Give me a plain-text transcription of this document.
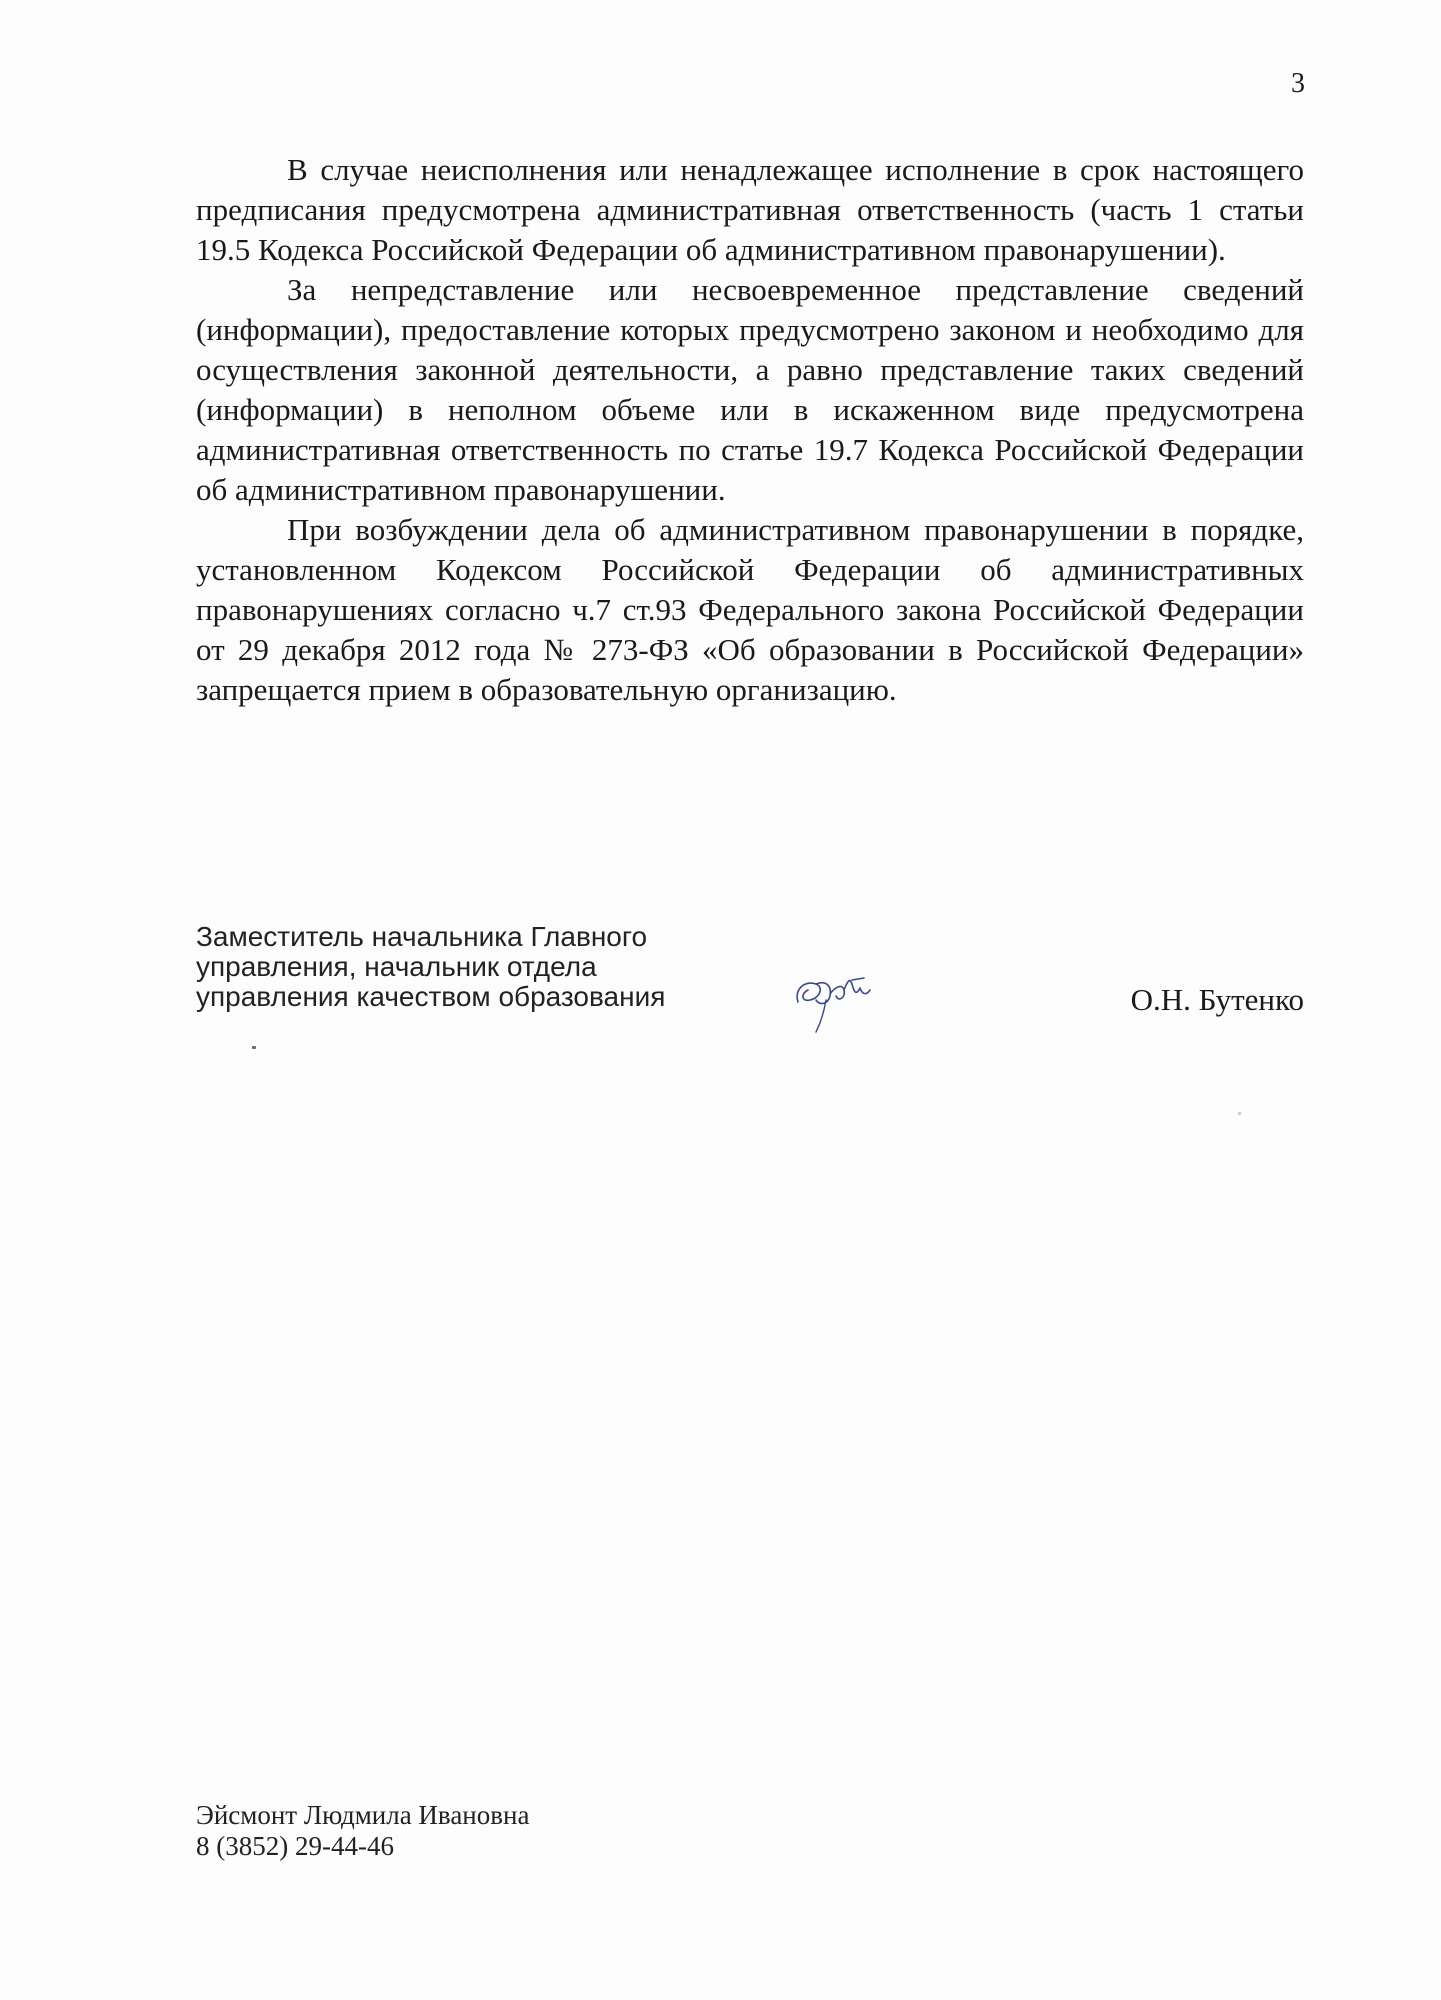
3

В случае неисполнения или ненадлежащее исполнение в срок настоящего предписания предусмотрена административная ответственность (часть 1 статьи 19.5 Кодекса Российской Федерации об административном правонарушении).

За непредставление или несвоевременное представление сведений (информации), предоставление которых предусмотрено законом и необходимо для осуществления законной деятельности, а равно представление таких сведений (информации) в неполном объеме или в искаженном виде предусмотрена административная ответственность по статье 19.7 Кодекса Российской Федерации об административном правонарушении.

При возбуждении дела об административном правонарушении в порядке, установленном Кодексом Российской Федерации об административных правонарушениях согласно ч.7 ст.93 Федерального закона Российской Федерации от 29 декабря 2012 года № 273-ФЗ «Об образовании в Российской Федерации» запрещается прием в образовательную организацию.

Заместитель начальника Главного
управления, начальник отдела
управления качеством образования	О.Н. Бутенко
Эйсмонт Людмила Ивановна
8 (3852) 29-44-46
